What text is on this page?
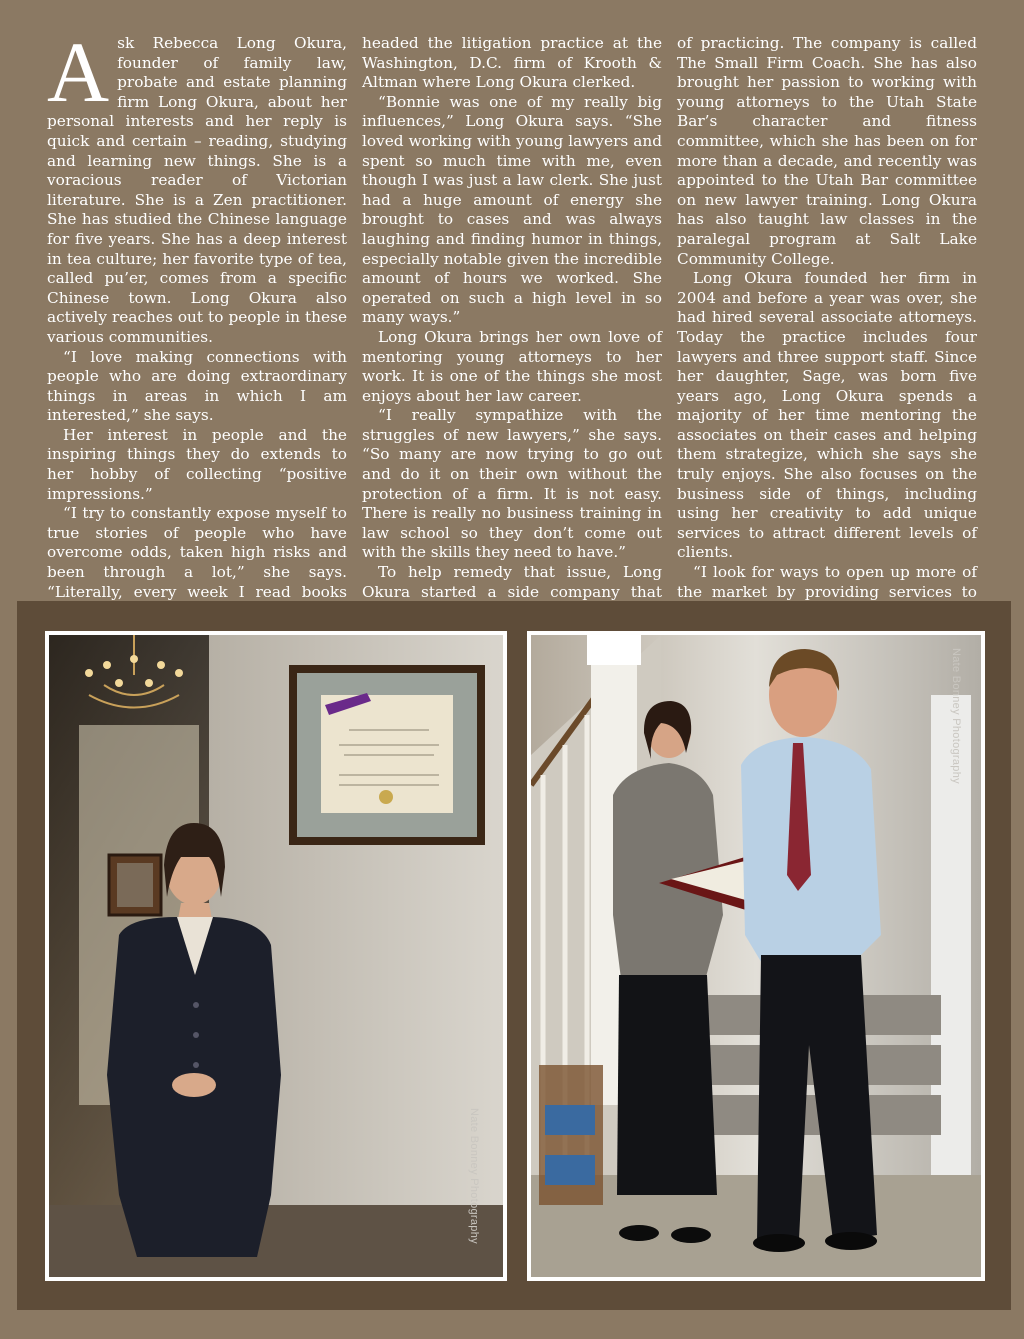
Ask Rebecca Long Okura, founder of family law, probate and estate planning firm Long Okura, about her personal interests and her reply is quick and certain – reading, studying and learning new things. She is a voracious reader of Victorian literature. She is a Zen practitioner. She has studied the Chinese language for five years. She has a deep interest in tea culture; her favorite type of tea, called pu’er, comes from a specific Chinese town. Long Okura also actively reaches out to people in these various communities.

“I love making connections with people who are doing extraordinary things in areas in which I am interested,” she says.

Her interest in people and the inspiring things they do extends to her hobby of collecting “positive impressions.”

“I try to constantly expose myself to true stories of people who have overcome odds, taken high risks and been through a lot,” she says. “Literally, every week I read books

headed the litigation practice at the Washington, D.C. firm of Krooth & Altman where Long Okura clerked.

“Bonnie was one of my really big influences,” Long Okura says. “She loved working with young lawyers and spent so much time with me, even though I was just a law clerk. She just had a huge amount of energy she brought to cases and was always laughing and finding humor in things, especially notable given the incredible amount of hours we worked. She operated on such a high level in so many ways.”

Long Okura brings her own love of mentoring young attorneys to her work. It is one of the things she most enjoys about her law career.

“I really sympathize with the struggles of new lawyers,” she says. “So many are now trying to go out and do it on their own without the protection of a firm. It is not easy. There is really no business training in law school so they don’t come out with the skills they need to have.”

To help remedy that issue, Long Okura started a side company that

of practicing. The company is called The Small Firm Coach. She has also brought her passion to working with young attorneys to the Utah State Bar’s character and fitness committee, which she has been on for more than a decade, and recently was appointed to the Utah Bar committee on new lawyer training. Long Okura has also taught law classes in the paralegal program at Salt Lake Community College.

Long Okura founded her firm in 2004 and before a year was over, she had hired several associate attorneys. Today the practice includes four lawyers and three support staff. Since her daughter, Sage, was born five years ago, Long Okura spends a majority of her time mentoring the associates on their cases and helping them strategize, which she says she truly enjoys. She also focuses on the business side of things, including using her creativity to add unique services to attract different levels of clients.

“I look for ways to open up more of the market by providing services to

Nate Bonney Photography
Nate Bonney Photography
